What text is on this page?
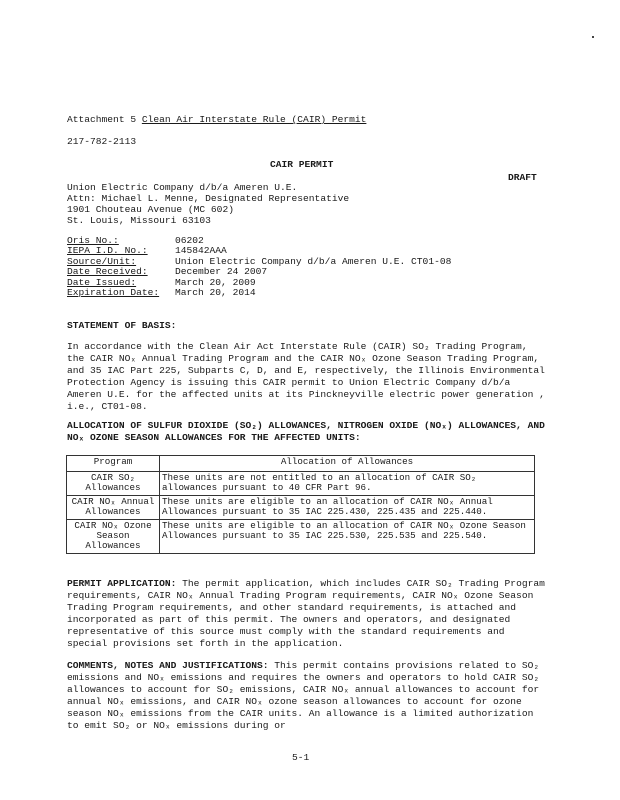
Attachment 5 Clean Air Interstate Rule (CAIR) Permit
217-782-2113
CAIR PERMIT
DRAFT
Union Electric Company d/b/a Ameren U.E.
Attn: Michael L. Menne, Designated Representative
1901 Chouteau Avenue (MC 602)
St. Louis, Missouri 63103
Oris No.:	06202
IEPA I.D. No.:	145842AAA
Source/Unit:	Union Electric Company d/b/a Ameren U.E. CT01-08
Date Received:	December 24 2007
Date Issued:	March 20, 2009
Expiration Date: March 20, 2014
STATEMENT OF BASIS:

In accordance with the Clean Air Act Interstate Rule (CAIR) SO₂ Trading Program, the CAIR NOₓ Annual Trading Program and the CAIR NOₓ Ozone Season Trading Program, and 35 IAC Part 225, Subparts C, D, and E, respectively, the Illinois Environmental Protection Agency is issuing this CAIR permit to Union Electric Company d/b/a Ameren U.E. for the affected units at its Pinckneyville electric power generation , i.e., CT01-08.

ALLOCATION OF SULFUR DIOXIDE (SO₂) ALLOWANCES, NITROGEN OXIDE (NOₓ) ALLOWANCES, AND NOₓ OZONE SEASON ALLOWANCES FOR THE AFFECTED UNITS:

Program	Allocation of Allowances
CAIR SO₂ Allowances	These units are not entitled to an allocation of CAIR SO₂ allowances pursuant to 40 CFR Part 96.
CAIR NOₓ Annual Allowances	These units are eligible to an allocation of CAIR NOₓ Annual Allowances pursuant to 35 IAC 225.430, 225.435 and 225.440.
CAIR NOₓ Ozone Season Allowances	These units are eligible to an allocation of CAIR NOₓ Ozone Season Allowances pursuant to 35 IAC 225.530, 225.535 and 225.540.

PERMIT APPLICATION: The permit application, which includes CAIR SO₂ Trading Program requirements, CAIR NOₓ Annual Trading Program requirements, CAIR NOₓ Ozone Season Trading Program requirements, and other standard requirements, is attached and incorporated as part of this permit. The owners and operators, and designated representative of this source must comply with the standard requirements and special provisions set forth in the application.

COMMENTS, NOTES AND JUSTIFICATIONS: This permit contains provisions related to SO₂ emissions and NOₓ emissions and requires the owners and operators to hold CAIR SO₂ allowances to account for SO₂ emissions, CAIR NOₓ annual allowances to account for annual NOₓ emissions, and CAIR NOₓ ozone season allowances to account for ozone season NOₓ emissions from the CAIR units. An allowance is a limited authorization to emit SO₂ or NOₓ emissions during or

5-1
